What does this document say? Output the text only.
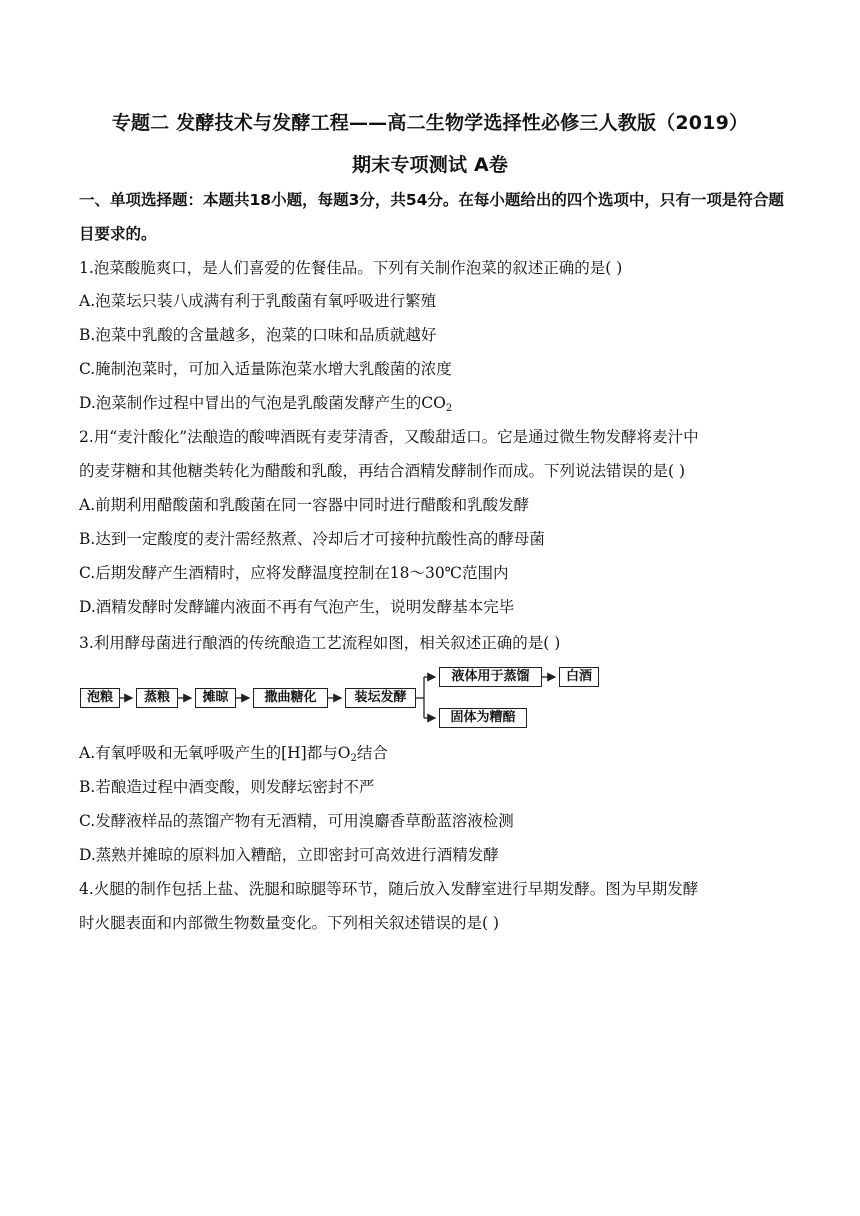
专题二 发酵技术与发酵工程——高二生物学选择性必修三人教版（2019）
期末专项测试 A卷
一、单项选择题：本题共18小题，每题3分，共54分。在每小题给出的四个选项中，只有一项是符合题目要求的。
1.泡菜酸脆爽口，是人们喜爱的佐餐佳品。下列有关制作泡菜的叙述正确的是( )
A.泡菜坛只装八成满有利于乳酸菌有氧呼吸进行繁殖
B.泡菜中乳酸的含量越多，泡菜的口味和品质就越好
C.腌制泡菜时，可加入适量陈泡菜水增大乳酸菌的浓度
D.泡菜制作过程中冒出的气泡是乳酸菌发酵产生的$CO_2$
2.用“麦汁酸化”法酿造的酸啤酒既有麦芽清香，又酸甜适口。它是通过微生物发酵将麦汁中
的麦芽糖和其他糖类转化为醋酸和乳酸，再结合酒精发酵制作而成。下列说法错误的是( )
A.前期利用醋酸菌和乳酸菌在同一容器中同时进行醋酸和乳酸发酵
B.达到一定酸度的麦汁需经熬煮、冷却后才可接种抗酸性高的酵母菌
C.后期发酵产生酒精时，应将发酵温度控制在18～30℃范围内
D.酒精发酵时发酵罐内液面不再有气泡产生，说明发酵基本完毕
3.利用酵母菌进行酿酒的传统酿造工艺流程如图，相关叙述正确的是( )
泡粮	蒸粮	摊晾	撒曲糖化	装坛发酵
液体用于蒸馏	白酒
固体为糟醅
A.有氧呼吸和无氧呼吸产生的[H]都与$O_2$结合
B.若酿造过程中酒变酸，则发酵坛密封不严
C.发酵液样品的蒸馏产物有无酒精，可用溴麝香草酚蓝溶液检测
D.蒸熟并摊晾的原料加入糟醅，立即密封可高效进行酒精发酵
4.火腿的制作包括上盐、洗腿和晾腿等环节，随后放入发酵室进行早期发酵。图为早期发酵
时火腿表面和内部微生物数量变化。下列相关叙述错误的是( )
